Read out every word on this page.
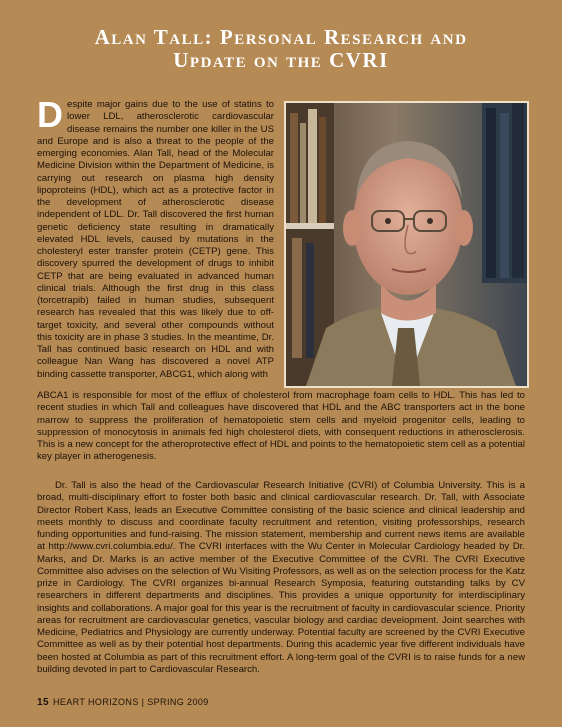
Alan Tall: Personal Research and
Update on the CVRI
Despite major gains due to the use of statins to lower LDL, atherosclerotic cardiovascular disease remains the number one killer in the US and Europe and is also a threat to the people of the emerging economies. Alan Tall, head of the Molecular Medicine Division within the Department of Medicine, is carrying out research on plasma high density lipoproteins (HDL), which act as a protective factor in the development of atherosclerotic disease independent of LDL. Dr. Tall discovered the first human genetic deficiency state resulting in dramatically elevated HDL levels, caused by mutations in the cholesteryl ester transfer protein (CETP) gene. This discovery spurred the development of drugs to inhibit CETP that are being evaluated in advanced human clinical trials. Although the first drug in this class (torcetrapib) failed in human studies, subsequent research has revealed that this was likely due to off-target toxicity, and several other compounds without this toxicity are in phase 3 studies. In the meantime, Dr. Tall has continued basic research on HDL and with colleague Nan Wang has discovered a novel ATP binding cassette transporter, ABCG1, which along with
ABCA1 is responsible for most of the efflux of cholesterol from macrophage foam cells to HDL. This has led to recent studies in which Tall and colleagues have discovered that HDL and the ABC transporters act in the bone marrow to suppress the proliferation of hematopoietic stem cells and myeloid progenitor cells, leading to suppression of monocytosis in animals fed high cholesterol diets, with consequent reductions in atherosclerosis. This is a new concept for the atheroprotective effect of HDL and points to the hematopoietic stem cell as a potential key player in atherogenesis.
Dr. Tall is also the head of the Cardiovascular Research Initiative (CVRI) of Columbia University. This is a broad, multi-disciplinary effort to foster both basic and clinical cardiovascular research. Dr. Tall, with Associate Director Robert Kass, leads an Executive Committee consisting of the basic science and clinical leadership and meets monthly to discuss and coordinate faculty recruitment and retention, visiting professorships, research funding opportunities and fund-raising. The mission statement, membership and current news items are available at http://www.cvri.columbia.edu/. The CVRI interfaces with the Wu Center in Molecular Cardiology headed by Dr. Marks, and Dr. Marks is an active member of the Executive Committee of the CVRI. The CVRI Executive Committee also advises on the selection of Wu Visiting Professors, as well as on the selection process for the Katz prize in Cardiology. The CVRI organizes bi-annual Research Symposia, featuring outstanding talks by CV researchers in different departments and disciplines. This provides a unique opportunity for interdisciplinary insights and collaborations. A major goal for this year is the recruitment of faculty in cardiovascular science. Priority areas for recruitment are cardiovascular genetics, vascular biology and cardiac development. Joint searches with Medicine, Pediatrics and Physiology are currently underway. Potential faculty are screened by the CVRI Executive Committee as well as by their potential host departments. During this academic year five different individuals have been hosted at Columbia as part of this recruitment effort. A long-term goal of the CVRI is to raise funds for a new building devoted in part to Cardiovascular Research.
15 HEART HORIZONS | SPRING 2009
